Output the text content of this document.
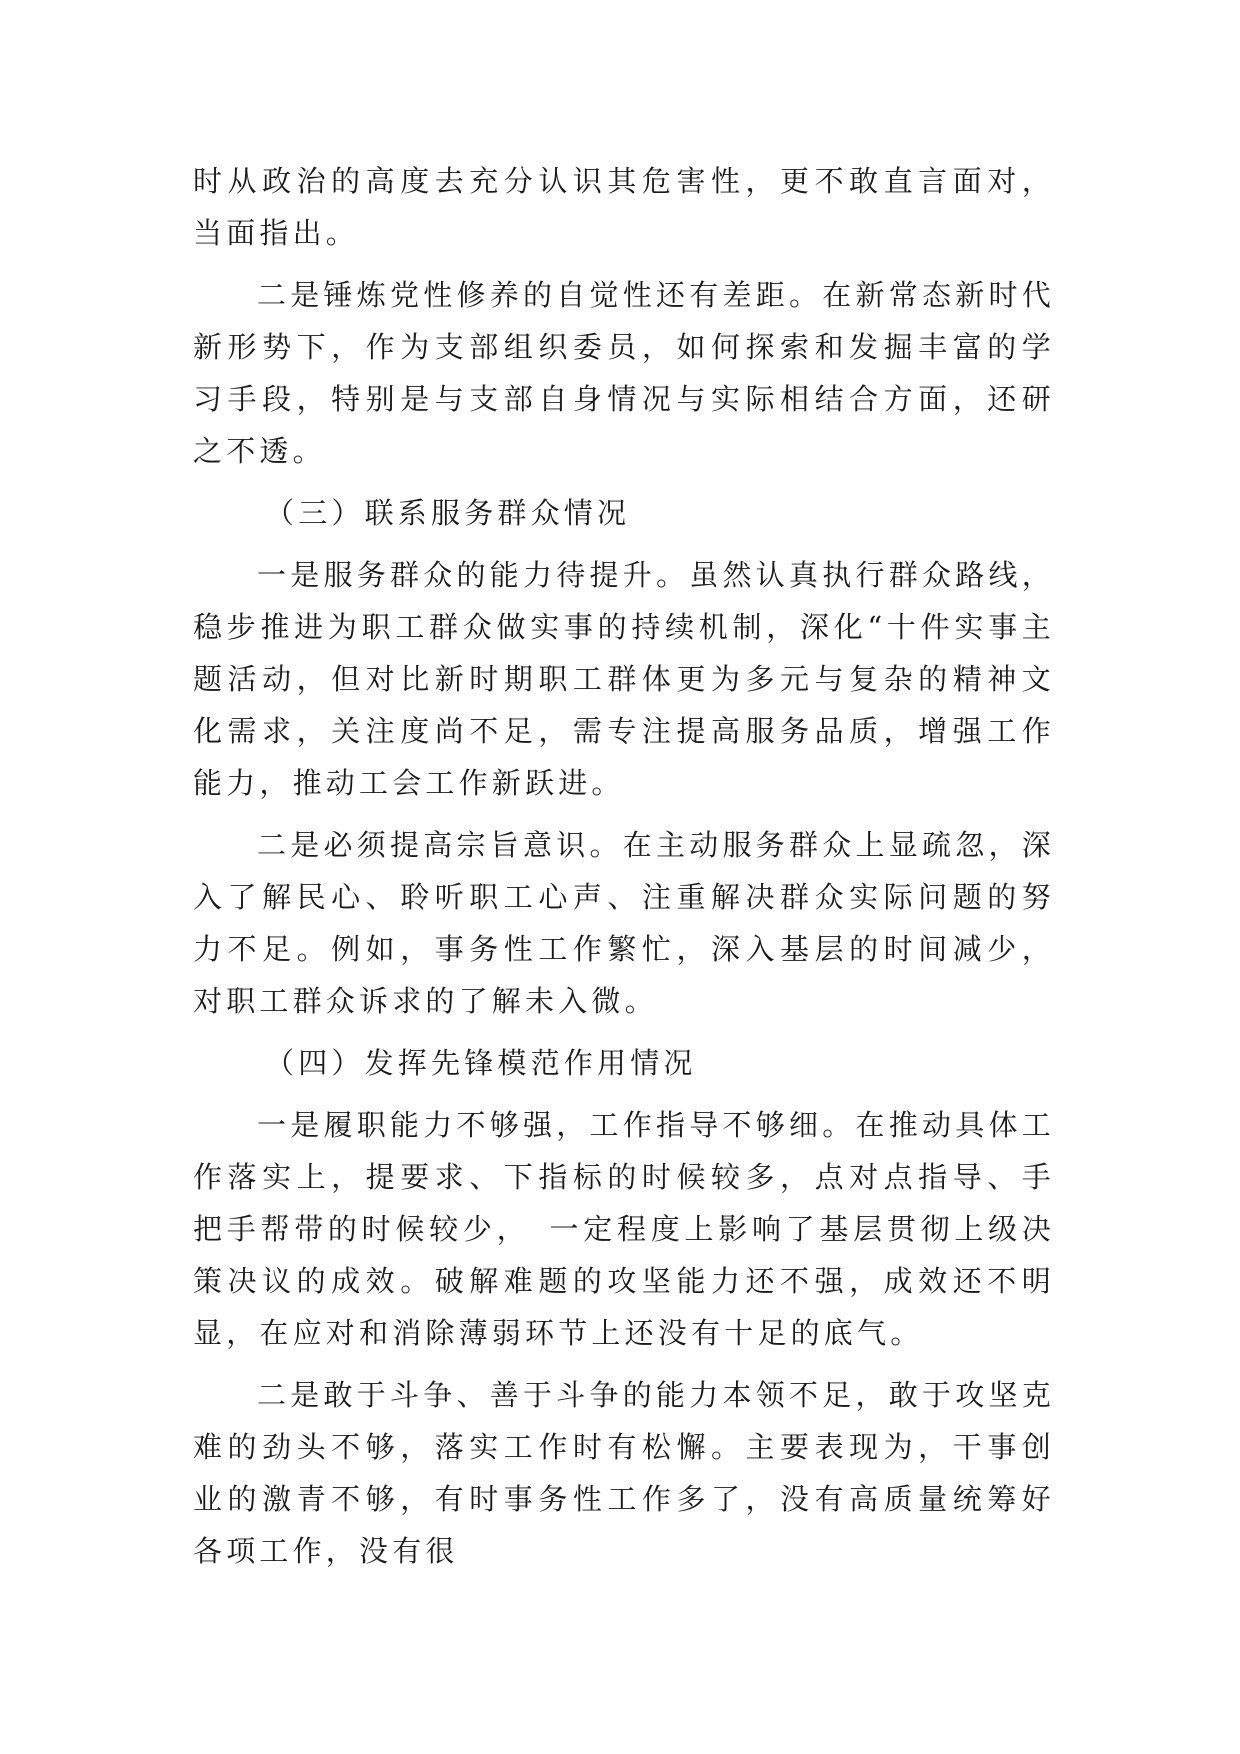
时从政治的高度去充分认识其危害性，更不敢直言面对，当面指出。

二是锤炼党性修养的自觉性还有差距。在新常态新时代新形势下，作为支部组织委员，如何探索和发掘丰富的学习手段，特别是与支部自身情况与实际相结合方面，还研之不透。

（三）联系服务群众情况

一是服务群众的能力待提升。虽然认真执行群众路线，稳步推进为职工群众做实事的持续机制，深化“十件实事主题活动，但对比新时期职工群体更为多元与复杂的精神文化需求，关注度尚不足，需专注提高服务品质，增强工作能力，推动工会工作新跃进。

二是必须提高宗旨意识。在主动服务群众上显疏忽，深入了解民心、聆听职工心声、注重解决群众实际问题的努力不足。例如，事务性工作繁忙，深入基层的时间减少，对职工群众诉求的了解未入微。

（四）发挥先锋模范作用情况

一是履职能力不够强，工作指导不够细。在推动具体工作落实上，提要求、下指标的时候较多，点对点指导、手把手帮带的时候较少，　一定程度上影响了基层贯彻上级决策决议的成效。破解难题的攻坚能力还不强，成效还不明显，在应对和消除薄弱环节上还没有十足的底气。

二是敢于斗争、善于斗争的能力本领不足，敢于攻坚克难的劲头不够，落实工作时有松懈。主要表现为，干事创业的激青不够，有时事务性工作多了，没有高质量统筹好各项工作，没有很
